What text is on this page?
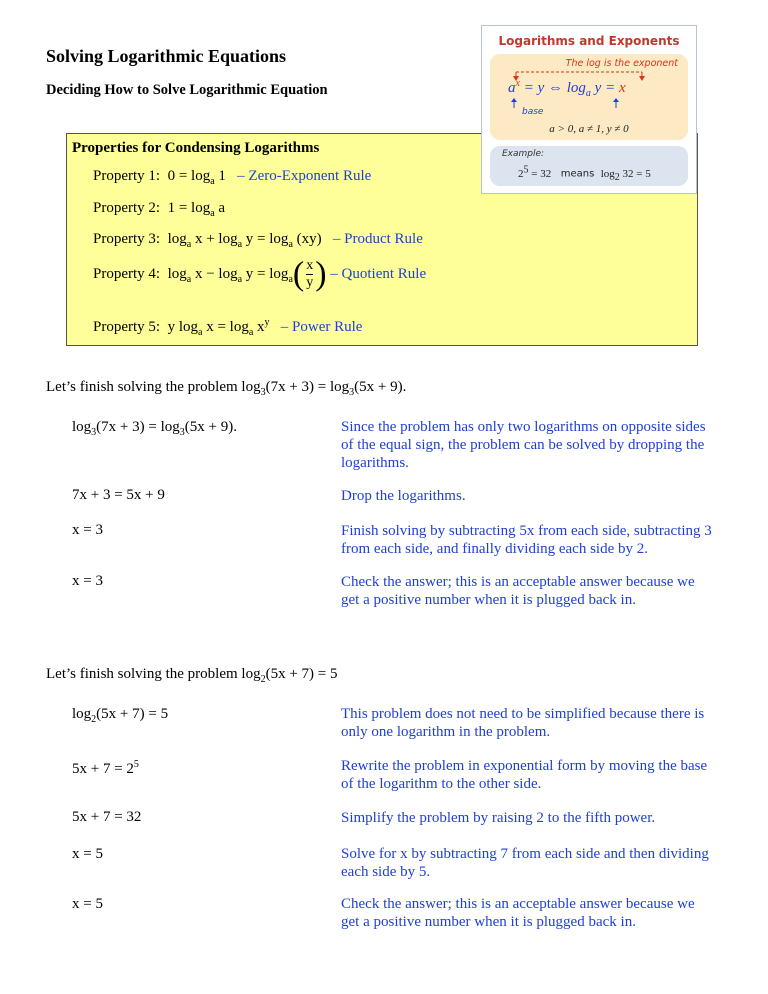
Solving Logarithmic Equations
Deciding How to Solve Logarithmic Equation
Properties for Condensing Logarithms
Property 1:  $0 = \log_a 1$   – Zero-Exponent Rule
Property 2:  $1 = \log_a a$
Property 3:  $\log_a x + \log_a y = \log_a (xy)$   – Product Rule
Property 4:  $\log_a x - \log_a y = \log_a( \frac{x}{y}$ ) – Quotient Rule
Property 5:  y $\log_a x = \log_a x^y$ – Power Rule
Logarithms and Exponents
The log is the exponent
$a^x = y$ ⇔ $\log_a y = x$
base
a > 0, a ≠ 1, y ≠ 0
Example:
$2^5 = 32$ means $\log_2 32 = 5$
Let’s finish solving the problem $\log_3(7x + 3) = \log_3(5x + 9)$.
$\log_3(7x + 3) = \log_3(5x + 9)$.	Since the problem has only two logarithms on opposite sides of the equal sign, the problem can be solved by dropping the logarithms.
7x + 3 = 5x + 9	Drop the logarithms.
x = 3	Finish solving by subtracting 5x from each side, subtracting 3 from each side, and finally dividing each side by 2.
x = 3	Check the answer; this is an acceptable answer because we get a positive number when it is plugged back in.
Let’s finish solving the problem $\log_2(5x + 7) = 5$
$\log_2(5x + 7) = 5$	This problem does not need to be simplified because there is only one logarithm in the problem.
$5x + 7 = 2^5$	Rewrite the problem in exponential form by moving the base of the logarithm to the other side.
5x + 7 = 32	Simplify the problem by raising 2 to the fifth power.
x = 5	Solve for x by subtracting 7 from each side and then dividing each side by 5.
x = 5	Check the answer; this is an acceptable answer because we get a positive number when it is plugged back in.
